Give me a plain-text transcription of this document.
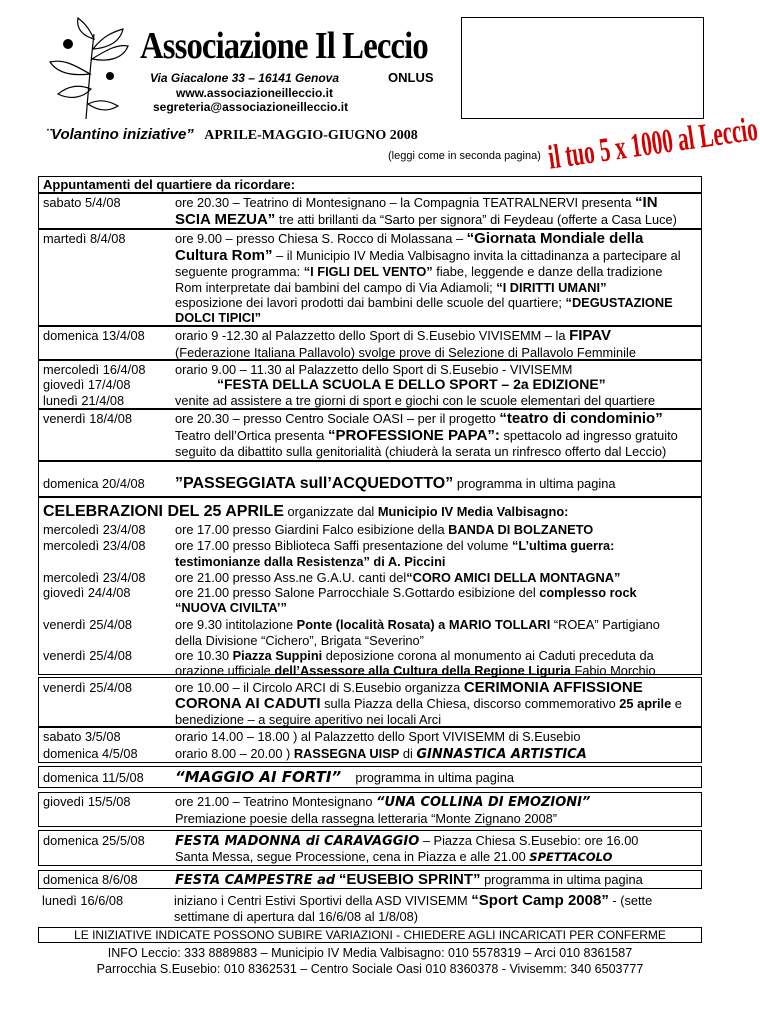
Associazione Il Leccio
Via Giacalone 33 – 16141 Genova	ONLUS
www.associazioneilleccio.it
segreteria@associazioneilleccio.it
¨Volantino iniziative” APRILE-MAGGIO-GIUGNO 2008
(leggi come in seconda pagina) il tuo 5 x 1000 al Leccio
Appuntamenti del quartiere da ricordare:
sabato 5/4/08	ore 20.30 – Teatrino di Montesignano – la Compagnia TEATRALNERVI presenta “IN
SCIA MEZUA” tre atti brillanti da “Sarto per signora” di Feydeau (offerte a Casa Luce)
martedì 8/4/08	ore 9.00 – presso Chiesa S. Rocco di Molassana – “Giornata Mondiale della
Cultura Rom” – il Municipio IV Media Valbisagno invita la cittadinanza a partecipare al
seguente programma: “I FIGLI DEL VENTO” fiabe, leggende e danze della tradizione
Rom interpretate dai bambini del campo di Via Adiamoli; “I DIRITTI UMANI”
esposizione dei lavori prodotti dai bambini delle scuole del quartiere; “DEGUSTAZIONE
DOLCI TIPICI”
domenica 13/4/08 orario 9 -12.30 al Palazzetto dello Sport di S.Eusebio VIVISEMM – la FIPAV
(Federazione Italiana Pallavolo) svolge prove di Selezione di Pallavolo Femminile
mercoledì 16/4/08 orario 9.00 – 11.30 al Palazzetto dello Sport di S.Eusebio - VIVISEMM
giovedì 17/4/08	“FESTA DELLA SCUOLA E DELLO SPORT – 2a EDIZIONE”
lunedì 21/4/08	venite ad assistere a tre giorni di sport e giochi con le scuole elementari del quartiere
venerdì 18/4/08	ore 20.30 – presso Centro Sociale OASI – per il progetto “teatro di condominio”
Teatro dell’Ortica presenta “PROFESSIONE PAPA”: spettacolo ad ingresso gratuito
seguito da dibattito sulla genitorialità (chiuderà la serata un rinfresco offerto dal Leccio)
domenica 20/4/08 ”PASSEGGIATA sull’ACQUEDOTTO” programma in ultima pagina
CELEBRAZIONI DEL 25 APRILE organizzate dal Municipio IV Media Valbisagno:
mercoledì 23/4/08 ore 17.00 presso Giardini Falco esibizione della BANDA DI BOLZANETO
mercoledì 23/4/08 ore 17.00 presso Biblioteca Saffi presentazione del volume “L’ultima guerra:
testimonianze dalla Resistenza” di A. Piccini
mercoledì 23/4/08 ore 21.00 presso Ass.ne G.A.U. canti del“CORO AMICI DELLA MONTAGNA”
giovedì 24/4/08	ore 21.00 presso Salone Parrocchiale S.Gottardo esibizione del complesso rock
“NUOVA CIVILTA’”
venerdì 25/4/08	ore 9.30 intitolazione Ponte (località Rosata) a MARIO TOLLARI “ROEA” Partigiano
della Divisione “Cichero”, Brigata “Severino”
venerdì 25/4/08	ore 10.30 Piazza Suppini deposizione corona al monumento ai Caduti preceduta da
orazione ufficiale dell’Assessore alla Cultura della Regione Liguria Fabio Morchio
venerdì 25/4/08	ore 10.00 – il Circolo ARCI di S.Eusebio organizza CERIMONIA AFFISSIONE
CORONA AI CADUTI sulla Piazza della Chiesa, discorso commemorativo 25 aprile e
benedizione – a seguire aperitivo nei locali Arci
sabato 3/5/08	orario 14.00 – 18.00 ) al Palazzetto dello Sport VIVISEMM di S.Eusebio
domenica 4/5/08	orario 8.00 – 20.00 ) RASSEGNA UISP di GINNASTICA ARTISTICA
domenica 11/5/08 “MAGGIO AI FORTI” programma in ultima pagina
giovedì 15/5/08	ore 21.00 – Teatrino Montesignano “UNA COLLINA DI EMOZIONI”
Premiazione poesie della rassegna letteraria “Monte Zignano 2008”
domenica 25/5/08 FESTA MADONNA di CARAVAGGIO – Piazza Chiesa S.Eusebio: ore 16.00
Santa Messa, segue Processione, cena in Piazza e alle 21.00 SPETTACOLO
domenica 8/6/08	FESTA CAMPESTRE ad “EUSEBIO SPRINT” programma in ultima pagina
lunedì 16/6/08	iniziano i Centri Estivi Sportivi della ASD VIVISEMM “Sport Camp 2008” - (sette
settimane di apertura dal 16/6/08 al 1/8/08)
LE INIZIATIVE INDICATE POSSONO SUBIRE VARIAZIONI - CHIEDERE AGLI INCARICATI PER CONFERME
INFO Leccio: 333 8889883 – Municipio IV Media Valbisagno: 010 5578319 – Arci 010 8361587
Parrocchia S.Eusebio: 010 8362531 – Centro Sociale Oasi 010 8360378 - Vivisemm: 340 6503777
